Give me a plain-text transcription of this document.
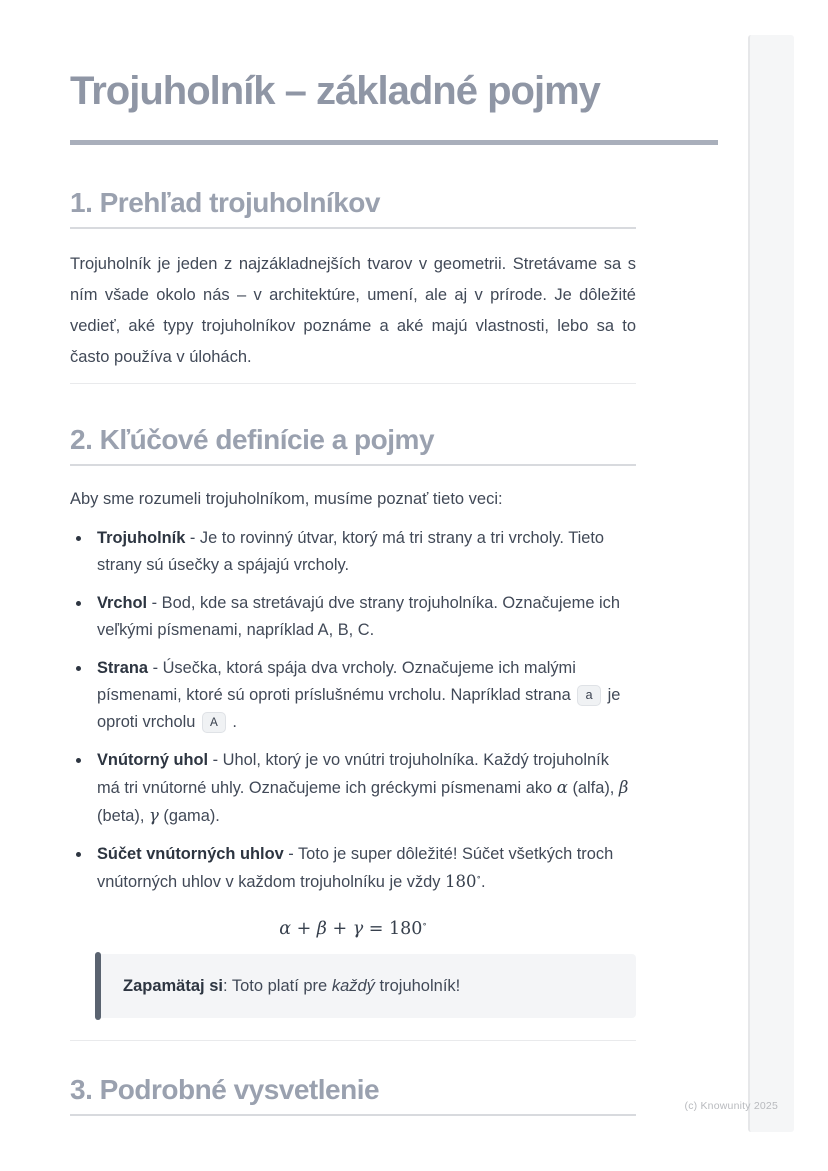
Trojuholník – základné pojmy
1. Prehľad trojuholníkov

Trojuholník je jeden z najzákladnejších tvarov v geometrii. Stretávame sa s ním všade okolo nás – v architektúre, umení, ale aj v prírode. Je dôležité vedieť, aké typy trojuholníkov poznáme a aké majú vlastnosti, lebo sa to často používa v úlohách.

2. Kľúčové definície a pojmy

Aby sme rozumeli trojuholníkom, musíme poznať tieto veci:

• Trojuholník - Je to rovinný útvar, ktorý má tri strany a tri vrcholy. Tieto strany sú úsečky a spájajú vrcholy.
• Vrchol - Bod, kde sa stretávajú dve strany trojuholníka. Označujeme ich veľkými písmenami, napríklad A, B, C.
• Strana - Úsečka, ktorá spája dva vrcholy. Označujeme ich malými písmenami, ktoré sú oproti príslušnému vrcholu. Napríklad strana a je oproti vrcholu A .
• Vnútorný uhol - Uhol, ktorý je vo vnútri trojuholníka. Každý trojuholník má tri vnútorné uhly. Označujeme ich gréckymi písmenami ako α (alfa), β (beta), γ (gama).
• Súčet vnútorných uhlov - Toto je super dôležité! Súčet všetkých troch vnútorných uhlov v každom trojuholníku je vždy 180∘.
α + β + γ = 180∘
Zapamätaj si: Toto platí pre každý trojuholník!
3. Podrobné vysvetlenie
(c) Knowunity 2025
